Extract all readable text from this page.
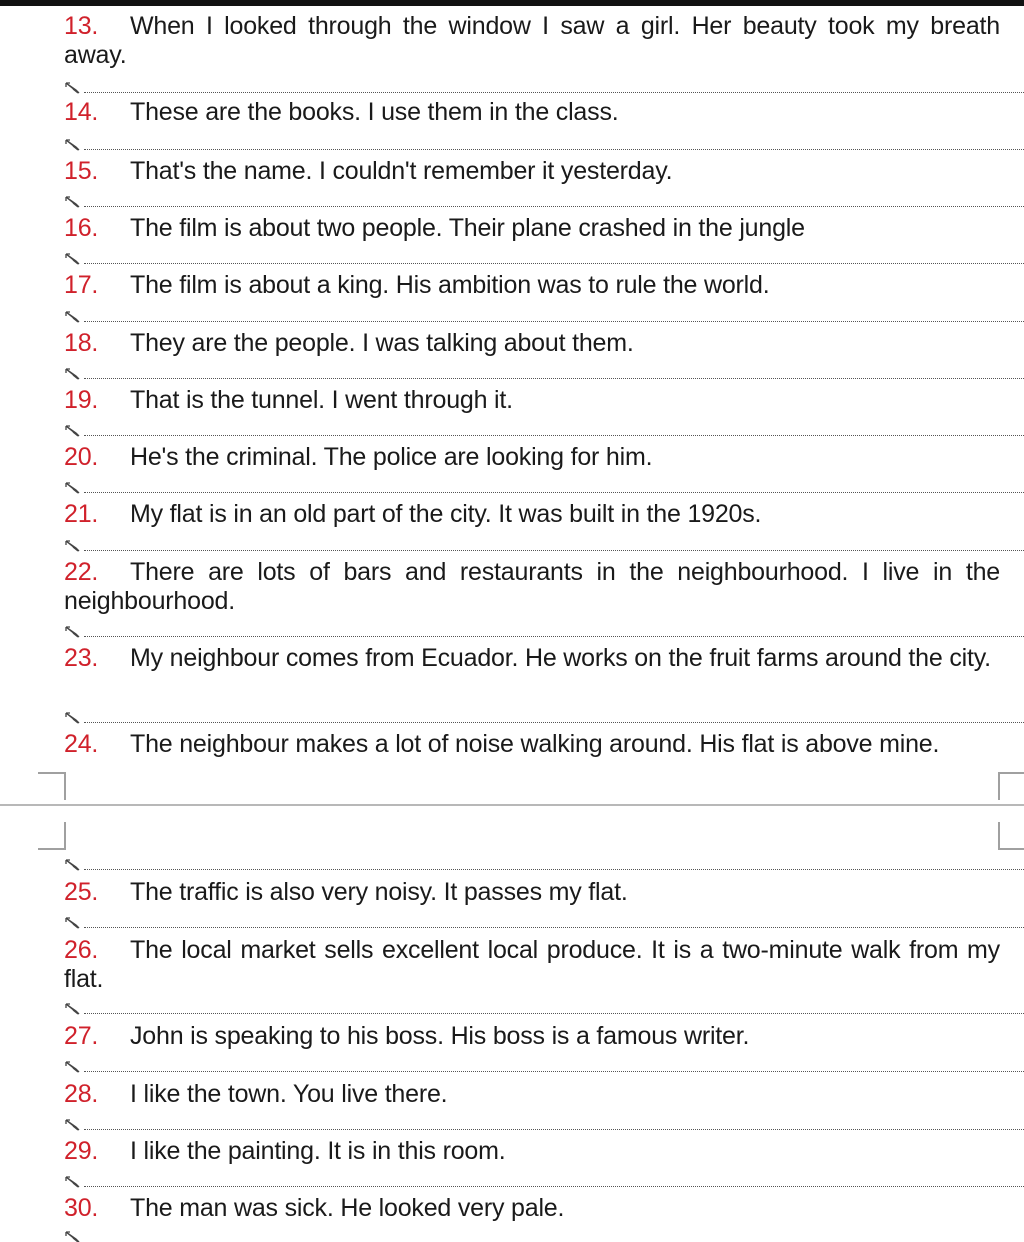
13. When I looked through the window I saw a girl. Her beauty took my breath away.
14. These are the books. I use them in the class.
15. That's the name. I couldn't remember it yesterday.
16. The film is about two people. Their plane crashed in the jungle
17. The film is about a king. His ambition was to rule the world.
18. They are the people. I was talking about them.
19. That is the tunnel. I went through it.
20. He's the criminal. The police are looking for him.
21. My flat is in an old part of the city. It was built in the 1920s.
22. There are lots of bars and restaurants in the neighbourhood. I live in the neighbourhood.
23. My neighbour comes from Ecuador. He works on the fruit farms around the city.
24. The neighbour makes a lot of noise walking around. His flat is above mine.
25. The traffic is also very noisy. It passes my flat.
26. The local market sells excellent local produce. It is a two-minute walk from my flat.
27. John is speaking to his boss. His boss is a famous writer.
28. I like the town. You live there.
29. I like the painting. It is in this room.
30. The man was sick. He looked very pale.
